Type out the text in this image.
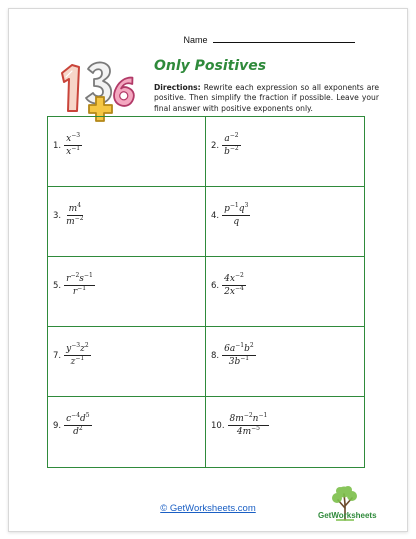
Name
Only Positives
Directions: Rewrite each expression so all exponents are positive. Then simplify the fraction if possible. Leave your final answer with positive exponents only.
1. $\frac{x^{-3}}{x^{-1}}$	2. $\frac{a^{-2}}{b^{-2}}$
3. $\frac{m^4}{m^{-2}}$	4. $\frac{p^{-1}q^3}{q}$
5. $\frac{r^{-2}s^{-1}}{r^{-1}}$	6. $\frac{4x^{-2}}{2x^{-4}}$
7. $\frac{y^{-3}z^2}{z^{-1}}$	8. $\frac{6a^{-1}b^2}{3b^{-1}}$
9. $\frac{c^{-4}d^5}{d^2}$	10. $\frac{8m^{-2}n^{-1}}{4m^{-5}}$
© GetWorksheets.com
GetWorksheets
